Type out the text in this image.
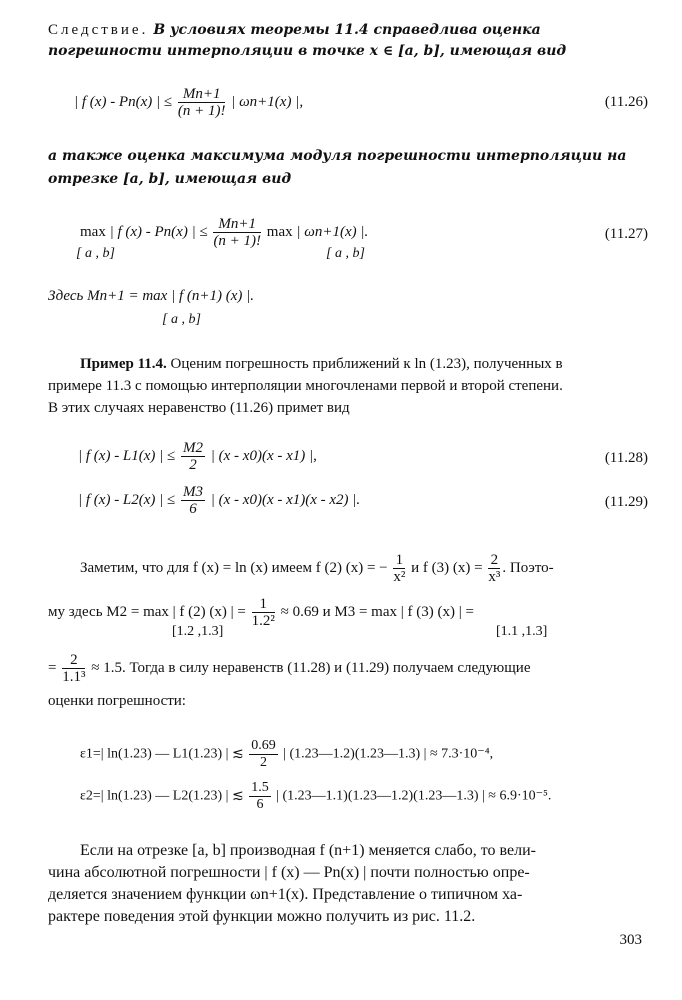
Следствие. В условиях теоремы 11.4 справедлива оценка
погрешности интерполяции в точке x ∈ [a, b], имеющая вид
| f (x) - Pn(x) | ≤ $\frac{Mn+1}{(n + 1)!}$ | ωn+1(x) |,	(11.26)
а также оценка максимума модуля погрешности интерполяции на
отрезке [a, b], имеющая вид
max | f (x) - Pn(x) | ≤ $\frac{Mn+1}{(n + 1)!}$ max | ωn+1(x) |.
[ a , b]	[ a , b]
(11.27)
Здесь Mn+1 = max | f (n+1) (x) |.
[ a , b]
Пример 11.4. Оценим погрешность приближений к ln (1.23), полученных в
примере 11.3 с помощью интерполяции многочленами первой и второй степени.
В этих случаях неравенство (11.26) примет вид
| f (x) - L1(x) | ≤ $\frac{M2}{2}$ | (x - x0)(x - x1) |,	(11.28)
| f (x) - L2(x) | ≤ $\frac{M3}{6}$ | (x - x0)(x - x1)(x - x2) |.	(11.29)
Заметим, что для f (x) = ln (x) имеем f (2) (x) = − $\frac{1}{\text{x²}}$ и f (3) $(x) = \frac{2}{\text{x³}}$ . Поэто-
му здесь M2 = max | f (2) (x) | = $\frac{1}{\text{1.2²}} \approx 0.69$ и M3 = max | f (3) (x) | =
[1.2 ,1.3]	[1.1 ,1.3]
= $\frac{2}{\text{1.1³}} \approx 1.5$. Тогда в силу неравенств (11.28) и (11.29) получаем следующие
оценки погрешности:
ε1=| ln(1.23) — L1(1.23) | ≲ $\frac{0.69}{2}$ | (1.23—1.2)(1.23—1.3) | ≈ 7.3·10⁻⁴,
ε2=| ln(1.23) — L2(1.23) | ≲ $\frac{1.5}{6}$ | (1.23—1.1)(1.23—1.2)(1.23—1.3) | ≈ 6.9·10⁻⁵.
Если на отрезке [a, b] производная f (n+1) меняется слабо, то вели-
чина абсолютной погрешности | f (x) — Pn(x) | почти полностью опре-
деляется значением функции ωn+1(x). Представление о типичном ха-
рактере поведения этой функции можно получить из рис. 11.2.
303
